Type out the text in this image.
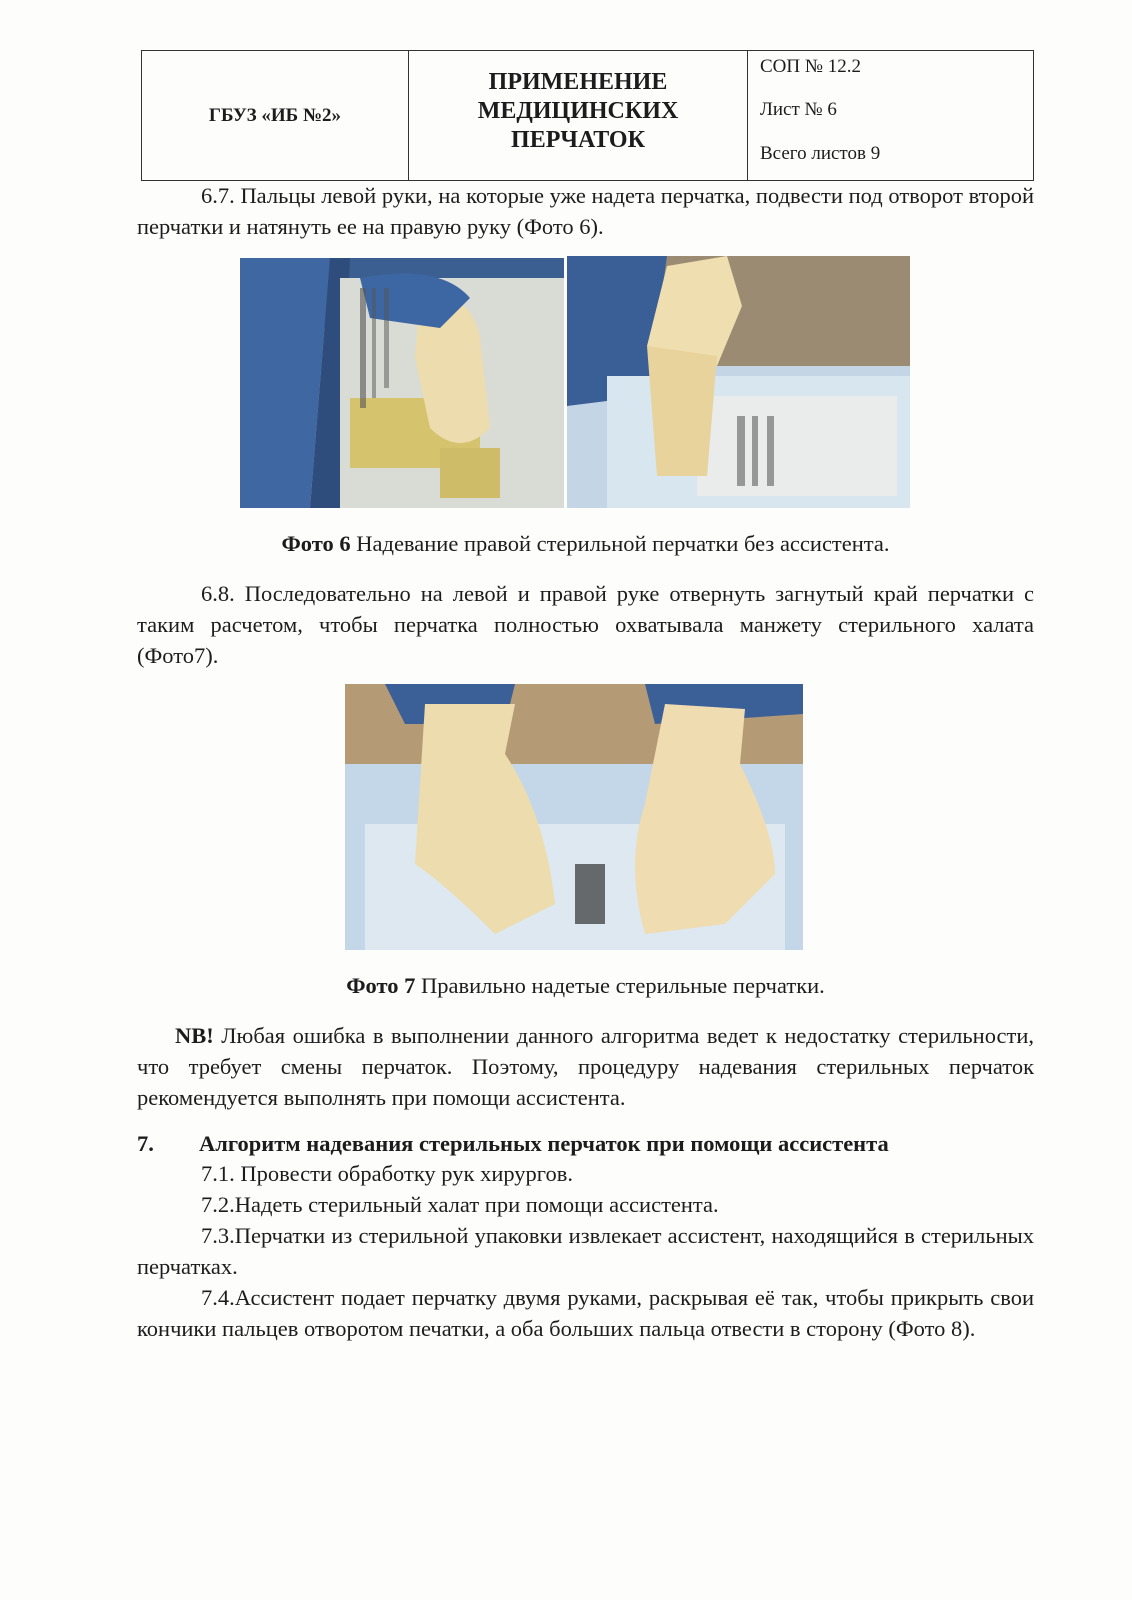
ГБУЗ «ИБ №2»
ПРИМЕНЕНИЕ
МЕДИЦИНСКИХ
ПЕРЧАТОК
СОП № 12.2
Лист № 6
Всего листов 9
6.7. Пальцы левой руки, на которые уже надета перчатка, подвести под отворот второй перчатки и натянуть ее на правую руку (Фото 6).
Фото 6 Надевание правой стерильной перчатки без ассистента.
6.8. Последовательно на левой и правой руке отвернуть загнутый край перчатки с таким расчетом, чтобы перчатка полностью охватывала манжету стерильного халата (Фото7).
Фото 7 Правильно надетые стерильные перчатки.
NB! Любая ошибка в выполнении данного алгоритма ведет к недостатку стерильности, что требует смены перчаток. Поэтому, процедуру надевания стерильных перчаток рекомендуется выполнять при помощи ассистента.
7. Алгоритм надевания стерильных перчаток при помощи ассистента
7.1. Провести обработку рук хирургов.
7.2.Надеть стерильный халат при помощи ассистента.
7.3.Перчатки из стерильной упаковки извлекает ассистент, находящийся в стерильных перчатках.
7.4.Ассистент подает перчатку двумя руками, раскрывая её так, чтобы прикрыть свои кончики пальцев отворотом печатки, а оба больших пальца отвести в сторону (Фото 8).
